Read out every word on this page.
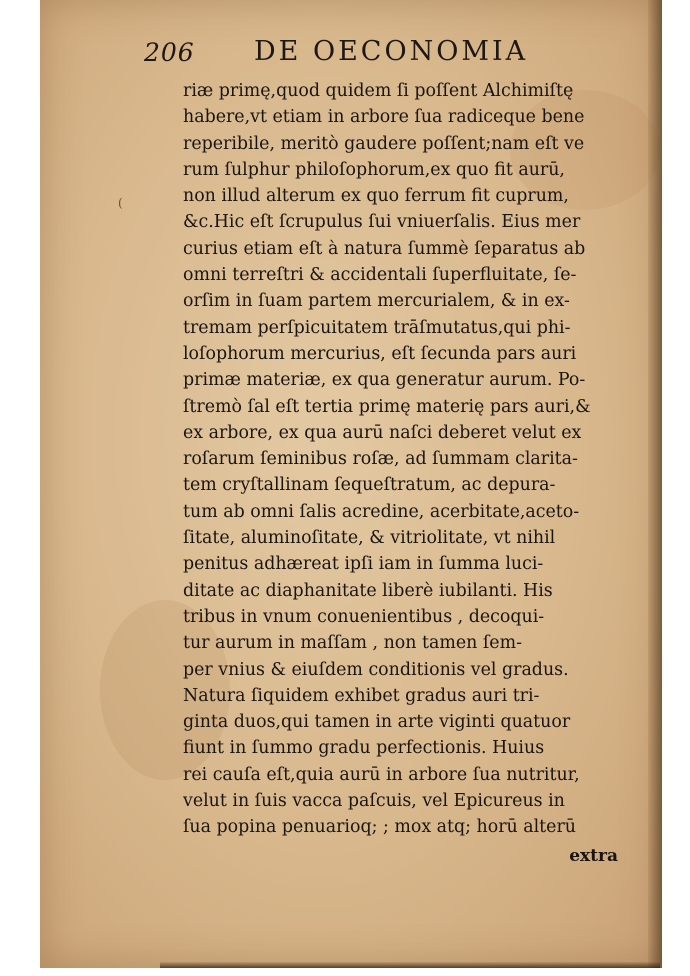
206 DE OECONOMIA
(
riæ primę,quod quidem ſi poſſent Alchimiſtę
habere,vt etiam in arbore ſua radiceque bene
reperibile, meritò gaudere poſſent;nam eſt ve
rum ſulphur philoſophorum,ex quo fit aurū,
non illud alterum ex quo ferrum fit cuprum,
&c.Hic eſt ſcrupulus ſui vniuerſalis. Eius mer
curius etiam eſt à natura ſummè ſeparatus ab
omni terreſtri & accidentali ſuperfluitate, ſe-
orſim in ſuam partem mercurialem, & in ex-
tremam perſpicuitatem trāſmutatus,qui phi-
loſophorum mercurius, eſt ſecunda pars auri
primæ materiæ, ex qua generatur aurum. Po-
ſtremò ſal eſt tertia primę materię pars auri,&
ex arbore, ex qua aurū naſci deberet velut ex
roſarum ſeminibus roſæ, ad ſummam clarita-
tem cryſtallinam ſequeſtratum, ac depura-
tum ab omni ſalis acredine, acerbitate,aceto-
ſitate, aluminoſitate, & vitriolitate, vt nihil
penitus adhæreat ipſi iam in ſumma luci-
ditate ac diaphanitate liberè iubilanti. His
tribus in vnum conuenientibus , decoqui-
tur aurum in maſſam , non tamen ſem-
per vnius & eiuſdem conditionis vel gradus.
Natura ſiquidem exhibet gradus auri tri-
ginta duos,qui tamen in arte viginti quatuor
fiunt in ſummo gradu perfectionis. Huius
rei cauſa eſt,quia aurū in arbore ſua nutritur,
velut in ſuis vacca paſcuis, vel Epicureus in
ſua popina penuarioq; ; mox atq; horū alterū
extra
